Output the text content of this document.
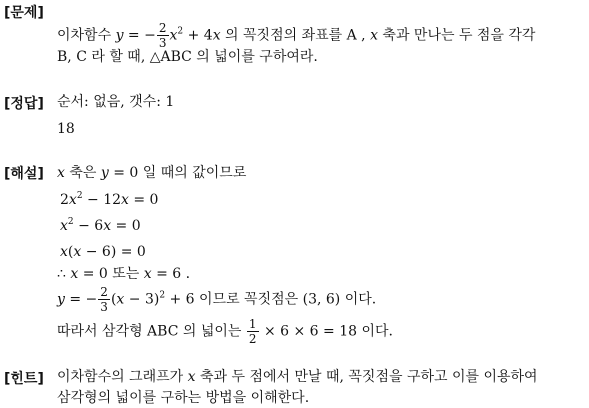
[문제]
이차함수 y = − $\frac{2}{3} x^2 + 4x$ 의 꼭짓점의 좌표를 A , x 축과 만나는 두 점을 각각
B, C 라 할 때, △ABC 의 넓이를 구하여라.
[정답] 순서: 없음, 갯수: 1
18
[해설] x 축은 y = 0 일 때의 값이므로
$2x^2 - 12x = 0$
$x^2 - 6x = 0$
x(x − 6) = 0
∴ x = 0 또는 x = 6 .
y = − $\frac{2}{3} (x - 3)^2 + 6$ 이므로 꼭짓점은 (3, 6) 이다.
따라서 삼각형 ABC 의 넓이는 $\frac{1}{2} \times 6 \times 6 = 18$ 이다.
[힌트] 이차함수의 그래프가 x 축과 두 점에서 만날 때, 꼭짓점을 구하고 이를 이용하여
삼각형의 넓이를 구하는 방법을 이해한다.
